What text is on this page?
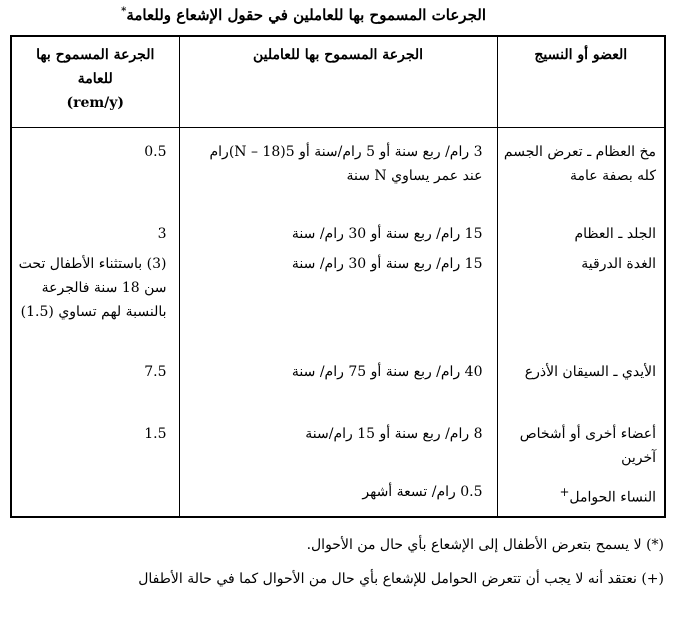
الجرعات المسموح بها للعاملين في حقول الإشعاع وللعامة*
العضو أو النسيج	الجرعة المسموح بها للعاملين	الجرعة المسموح بها
للعامة
(rem/y)

مخ العظام ـ تعرض الجسم كله بصفة عامة	3 رام/ ربع سنة أو 5 رام/سنة أو 5(N – 18)رام عند عمر يساوي N سنة	0.5
الجلد ـ العظام	15 رام/ ربع سنة أو 30 رام/ سنة	3
الغدة الدرقية	15 رام/ ربع سنة أو 30 رام/ سنة	(3) باستثناء الأطفال تحت سن 18 سنة فالجرعة بالنسبة لهم تساوي (1.5)
الأيدي ـ السيقان الأذرع	40 رام/ ربع سنة أو 75 رام/ سنة	7.5
أعضاء أخرى أو أشخاص آخرين	8 رام/ ربع سنة أو 15 رام/سنة	1.5
النساء الحوامل+	0.5 رام/ تسعة أشهر	
(*) لا يسمح بتعرض الأطفال إلى الإشعاع بأي حال من الأحوال.
(+) نعتقد أنه لا يجب أن تتعرض الحوامل للإشعاع بأي حال من الأحوال كما في حالة الأطفال
